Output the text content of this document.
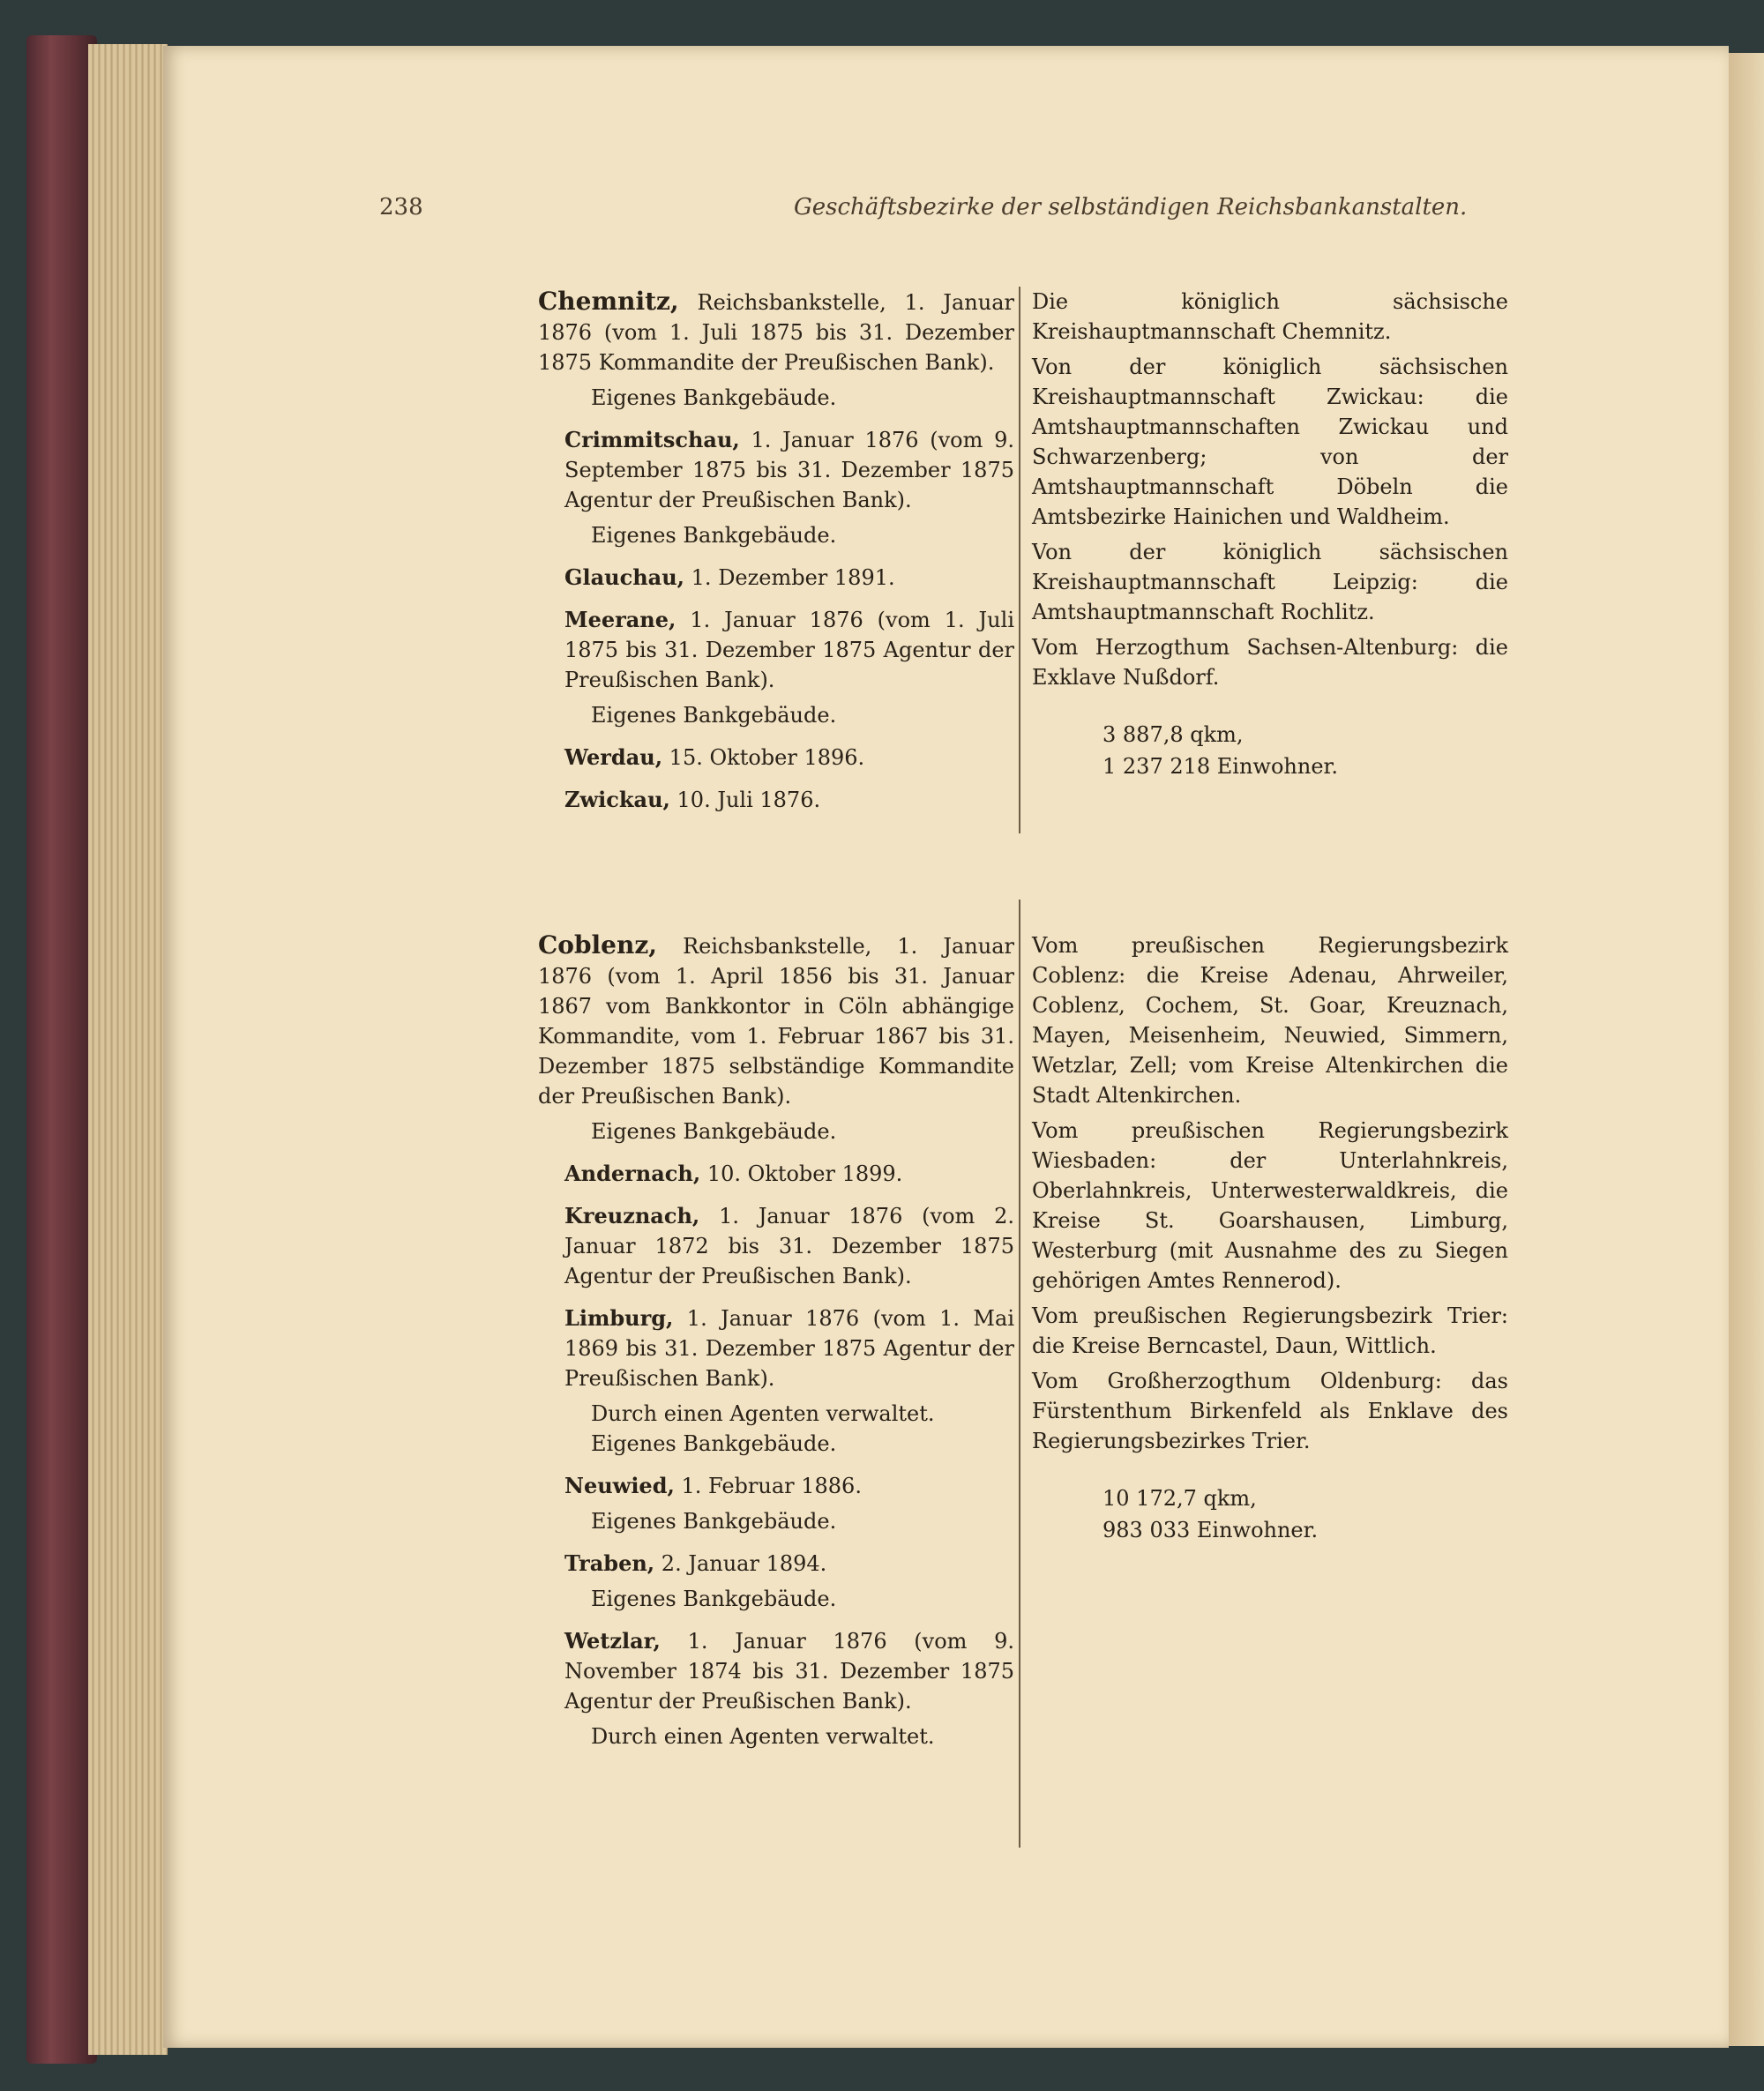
238	Geschäftsbezirke der selbständigen Reichsbankanstalten.

Chemnitz, Reichsbankstelle, 1. Januar 1876 (vom 1. Juli 1875 bis 31. Dezember 1875 Kommandite der Preußischen Bank).

Eigenes Bankgebäude.

Crimmitschau, 1. Januar 1876 (vom 9. September 1875 bis 31. Dezember 1875 Agentur der Preußischen Bank).

Eigenes Bankgebäude.

Glauchau, 1. Dezember 1891.

Meerane, 1. Januar 1876 (vom 1. Juli 1875 bis 31. Dezember 1875 Agentur der Preußischen Bank).

Eigenes Bankgebäude.

Werdau, 15. Oktober 1896.

Zwickau, 10. Juli 1876.

Die königlich sächsische Kreishauptmannschaft Chemnitz.

Von der königlich sächsischen Kreishauptmannschaft Zwickau: die Amtshauptmannschaften Zwickau und Schwarzenberg; von der Amtshauptmannschaft Döbeln die Amtsbezirke Hainichen und Waldheim.

Von der königlich sächsischen Kreishauptmannschaft Leipzig: die Amtshauptmannschaft Rochlitz.

Vom Herzogthum Sachsen-Altenburg: die Exklave Nußdorf.

3 887,8 qkm,
1 237 218 Einwohner.

Coblenz, Reichsbankstelle, 1. Januar 1876 (vom 1. April 1856 bis 31. Januar 1867 vom Bankkontor in Cöln abhängige Kommandite, vom 1. Februar 1867 bis 31. Dezember 1875 selbständige Kommandite der Preußischen Bank).

Eigenes Bankgebäude.

Andernach, 10. Oktober 1899.

Kreuznach, 1. Januar 1876 (vom 2. Januar 1872 bis 31. Dezember 1875 Agentur der Preußischen Bank).

Limburg, 1. Januar 1876 (vom 1. Mai 1869 bis 31. Dezember 1875 Agentur der Preußischen Bank).

Durch einen Agenten verwaltet.

Eigenes Bankgebäude.

Neuwied, 1. Februar 1886.

Eigenes Bankgebäude.

Traben, 2. Januar 1894.

Eigenes Bankgebäude.

Wetzlar, 1. Januar 1876 (vom 9. November 1874 bis 31. Dezember 1875 Agentur der Preußischen Bank).

Durch einen Agenten verwaltet.

Vom preußischen Regierungsbezirk Coblenz: die Kreise Adenau, Ahrweiler, Coblenz, Cochem, St. Goar, Kreuznach, Mayen, Meisenheim, Neuwied, Simmern, Wetzlar, Zell; vom Kreise Altenkirchen die Stadt Altenkirchen.

Vom preußischen Regierungsbezirk Wiesbaden: der Unterlahnkreis, Oberlahnkreis, Unterwesterwaldkreis, die Kreise St. Goarshausen, Limburg, Westerburg (mit Ausnahme des zu Siegen gehörigen Amtes Rennerod).

Vom preußischen Regierungsbezirk Trier: die Kreise Berncastel, Daun, Wittlich.

Vom Großherzogthum Oldenburg: das Fürstenthum Birkenfeld als Enklave des Regierungsbezirkes Trier.

10 172,7 qkm,
983 033 Einwohner.
